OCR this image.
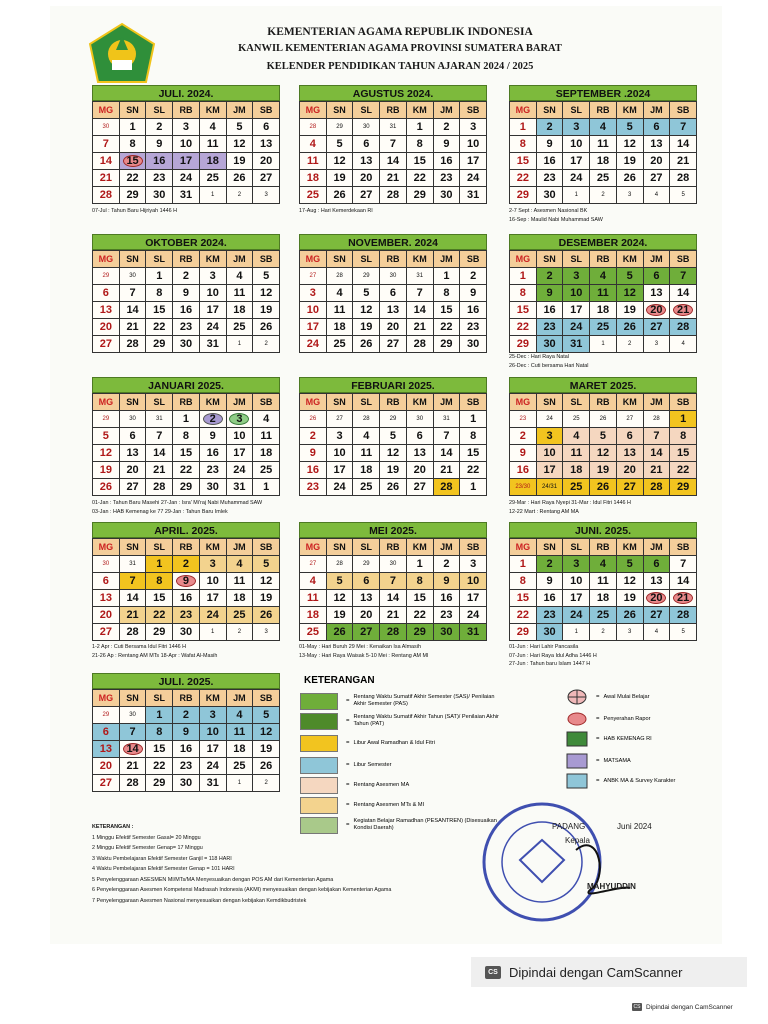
KEMENTERIAN AGAMA REPUBLIK INDONESIA
KANWIL KEMENTERIAN AGAMA PROVINSI SUMATERA BARAT
KELENDER PENDIDIKAN TAHUN AJARAN 2024 / 2025
JULI. 2024.
MG	SN	SL	RB	KM	JM	SB
30 1 2 3 4 5 6
7 8 9 10 11 12 13
14 15 16 17 18 19 20
21 22 23 24 25 26 27
28 29 30 31	1	2	3
07-Jul : Tahun Baru Hijriyah 1446 H
AGUSTUS 2024.
MG	SN	SL	RB	KM	JM	SB
28	29	30	31 1 2 3
4 5 6 7 8 9 10
11 12 13 14 15 16 17
18 19 20 21 22 23 24
25 26 27 28 29 30 31
17-Aug : Hari Kemerdekaan RI
SEPTEMBER .2024
MG	SN	SL	RB	KM	JM	SB
1 2 3 4 5 6 7
8 9 10 11 12 13 14
15 16 17 18 19 20 21
22 23 24 25 26 27 28
29 30	1	2	3	4	5
2-7 Sept : Asesmen Nasional BK
16-Sep : Maulid Nabi Muhammad SAW
OKTOBER 2024.
MG	SN	SL	RB	KM	JM	SB
29	30 1 2 3 4 5
6 7 8 9 10 11 12
13 14 15 16 17 18 19
20 21 22 23 24 25 26
27 28 29 30 31	1	2
NOVEMBER. 2024
MG	SN	SL	RB	KM	JM	SB
27	28	29	30	31 1 2
3 4 5 6 7 8 9
10 11 12 13 14 15 16
17 18 19 20 21 22 23
24 25 26 27 28 29 30
DESEMBER 2024.
MG	SN	SL	RB	KM	JM	SB
1 2 3 4 5 6 7
8 9 10 11 12 13 14
15 16 17 18 19 20 21
22 23 24 25 26 27 28
29 30 31	1	2	3	4
25-Dec : Hari Raya Natal
26-Dec : Cuti bersama Hari Natal
JANUARI 2025.
MG	SN	SL	RB	KM	JM	SB
29	30	31 1 2 3 4
5 6 7 8 9 10 11
12 13 14 15 16 17 18
19 20 21 22 23 24 25
26 27 28 29 30 31 1
01-Jan : Tahun Baru Masehi 27-Jan : Isra' Mi'raj Nabi Muhammad SAW
03-Jan : HAB Kemenag ke 77 29-Jan : Tahun Baru Imlek
FEBRUARI 2025.
MG	SN	SL	RB	KM	JM	SB
26	27	28	29	30	31 1
2 3 4 5 6 7 8
9 10 11 12 13 14 15
16 17 18 19 20 21 22
23 24 25 26 27 28 1
MARET 2025.
MG	SN	SL	RB	KM	JM	SB
23	24	25	26	27	28 1
2 3 4 5 6 7 8
9 10 11 12 13 14 15
16 17 18 19 20 21 22
23/30 24/31 25 26 27 28 29
29-Mar : Hari Raya Nyepi 31-Mar : Idul Fitri 1446 H
12-22 Mart : Rentang AM MA
APRIL. 2025.
MG	SN	SL	RB	KM	JM	SB
30	31 1 2 3 4 5
6 7 8 9 10 11 12
13 14 15 16 17 18 19
20 21 22 23 24 25 26
27 28 29 30	1	2	3
1-2 Apr : Cuti Bersama Idul Fitri 1446 H
21-26 Ap : Rentang AM MTs 18-Apr : Wafat Al-Masih
MEI 2025.
MG	SN	SL	RB	KM	JM	SB
27	28	29	30 1 2 3
4 5 6 7 8 9 10
11 12 13 14 15 16 17
18 19 20 21 22 23 24
25 26 27 28 29 30 31
01-May : Hari Buruh 29 Mei : Kenaikan Isa Almasih
13-May : Hari Raya Waisak 5-10 Mei : Rentang AM MI
JUNI. 2025.
MG	SN	SL	RB	KM	JM	SB
1 2 3 4 5 6 7
8 9 10 11 12 13 14
15 16 17 18 19 20 21
22 23 24 25 26 27 28
29 30	1	2	3	4	5
01-Jun : Hari Lahir Pancasila
07-Jun : Hari Raya Idul Adha 1446 H
27-Jun : Tahun baru Islam 1447 H
JULI. 2025.
MG	SN	SL	RB	KM	JM	SB
29	30 1 2 3 4 5
6 7 8 9 10 11 12
13 14 15 16 17 18 19
20 21 22 23 24 25 26
27 28 29 30 31	1	2
KETERANGAN
=
Rentang Waktu Sumatif Akhir Semester (SAS)/ Penilaian Akhir Semester (PAS)
=
Rentang Waktu Sumatif Akhir Tahun (SAT)/ Penilaian Akhir Tahun (PAT)
= Libur Awal Ramadhan & Idul Fitri
= Libur Semester
= Rentang Asesmen MA
= Rentang Asesmen MTs & MI
=
Kegiatan Belajar Ramadhan (PESANTREN) (Disesuaikan Kondisi Daerah)
= Awal Mulai Belajar
= Penyerahan Rapor
= HAB KEMENAG RI
= MATSAMA
= ANBK MA & Survey Karakter
KETERANGAN :
1 Minggu Efektif Semester Gasal= 20 Minggu
2 Minggu Efektif Semester Genap= 17 Minggu
3 Waktu Pembelajaran Efektif Semester Ganjil = 118 HARI
4 Waktu Pembelajaran Efektif Semester Genap = 101 HARI
5 Penyelenggaraan ASESMEN MI/MTs/MA Menyesuaikan dengan POS AM dari Kementerian Agama
6 Penyelenggaraan Asesmen Kompetensi Madrasah Indonesia (AKMI) menyesuaikan dengan kebijakan Kementerian Agama
7 Penyelenggaraan Asesmen Nasional menyesuaikan dengan kebijakan Kemdikbudristek
PADANG	Juni 2024
Kepala
MAHYUDDIN
CS Dipindai dengan CamScanner
CS Dipindai dengan CamScanner
